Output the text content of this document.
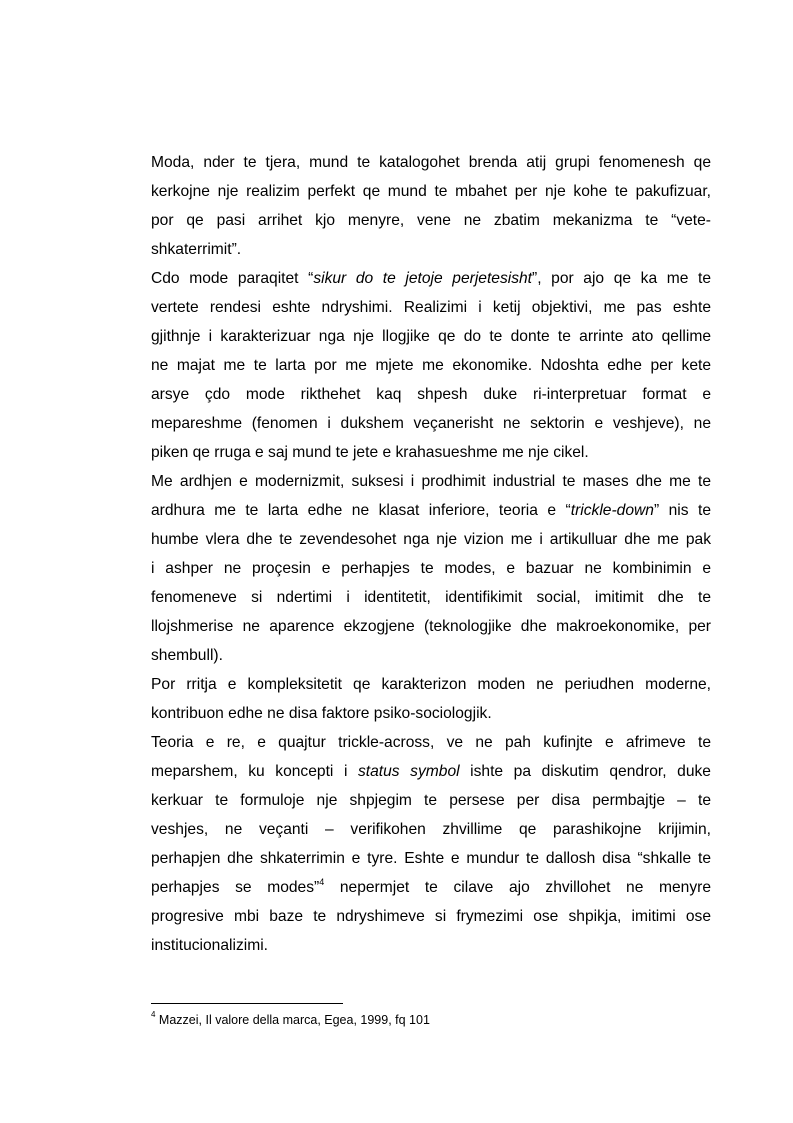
Moda, nder te tjera, mund te katalogohet brenda atij grupi fenomenesh qe
kerkojne nje realizim perfekt qe mund te mbahet per nje kohe te pakufizuar,
por qe pasi arrihet kjo menyre, vene ne zbatim mekanizma te “vete-
shkaterrimit”.
Cdo mode paraqitet “sikur do te jetoje perjetesisht”, por ajo qe ka me te
vertete rendesi eshte ndryshimi. Realizimi i ketij objektivi, me pas eshte
gjithnje i karakterizuar nga nje llogjike qe do te donte te arrinte ato qellime
ne majat me te larta por me mjete me ekonomike. Ndoshta edhe per kete
arsye çdo mode rikthehet kaq shpesh duke ri-interpretuar format e
mepareshme (fenomen i dukshem veçanerisht ne sektorin e veshjeve), ne
piken qe rruga e saj mund te jete e krahasueshme me nje cikel.
Me ardhjen e modernizmit, suksesi i prodhimit industrial te mases dhe me te
ardhura me te larta edhe ne klasat inferiore, teoria e “trickle-down” nis te
humbe vlera dhe te zevendesohet nga nje vizion me i artikulluar dhe me pak
i ashper ne proçesin e perhapjes te modes, e bazuar ne kombinimin e
fenomeneve si ndertimi i identitetit, identifikimit social, imitimit dhe te
llojshmerise ne aparence ekzogjene (teknologjike dhe makroekonomike, per
shembull).
Por rritja e kompleksitetit qe karakterizon moden ne periudhen moderne,
kontribuon edhe ne disa faktore psiko-sociologjik.
Teoria e re, e quajtur trickle-across, ve ne pah kufinjte e afrimeve te
meparshem, ku koncepti i status symbol ishte pa diskutim qendror, duke
kerkuar te formuloje nje shpjegim te persese per disa permbajtje – te
veshjes, ne veçanti – verifikohen zhvillime qe parashikojne krijimin,
perhapjen dhe shkaterrimin e tyre. Eshte e mundur te dallosh disa “shkalle te
perhapjes se modes”$^4$ nepermjet te cilave ajo zhvillohet ne menyre
progresive mbi baze te ndryshimeve si frymezimi ose shpikja, imitimi ose
institucionalizimi.
$^4$ Mazzei, Il valore della marca, Egea, 1999, fq 101
